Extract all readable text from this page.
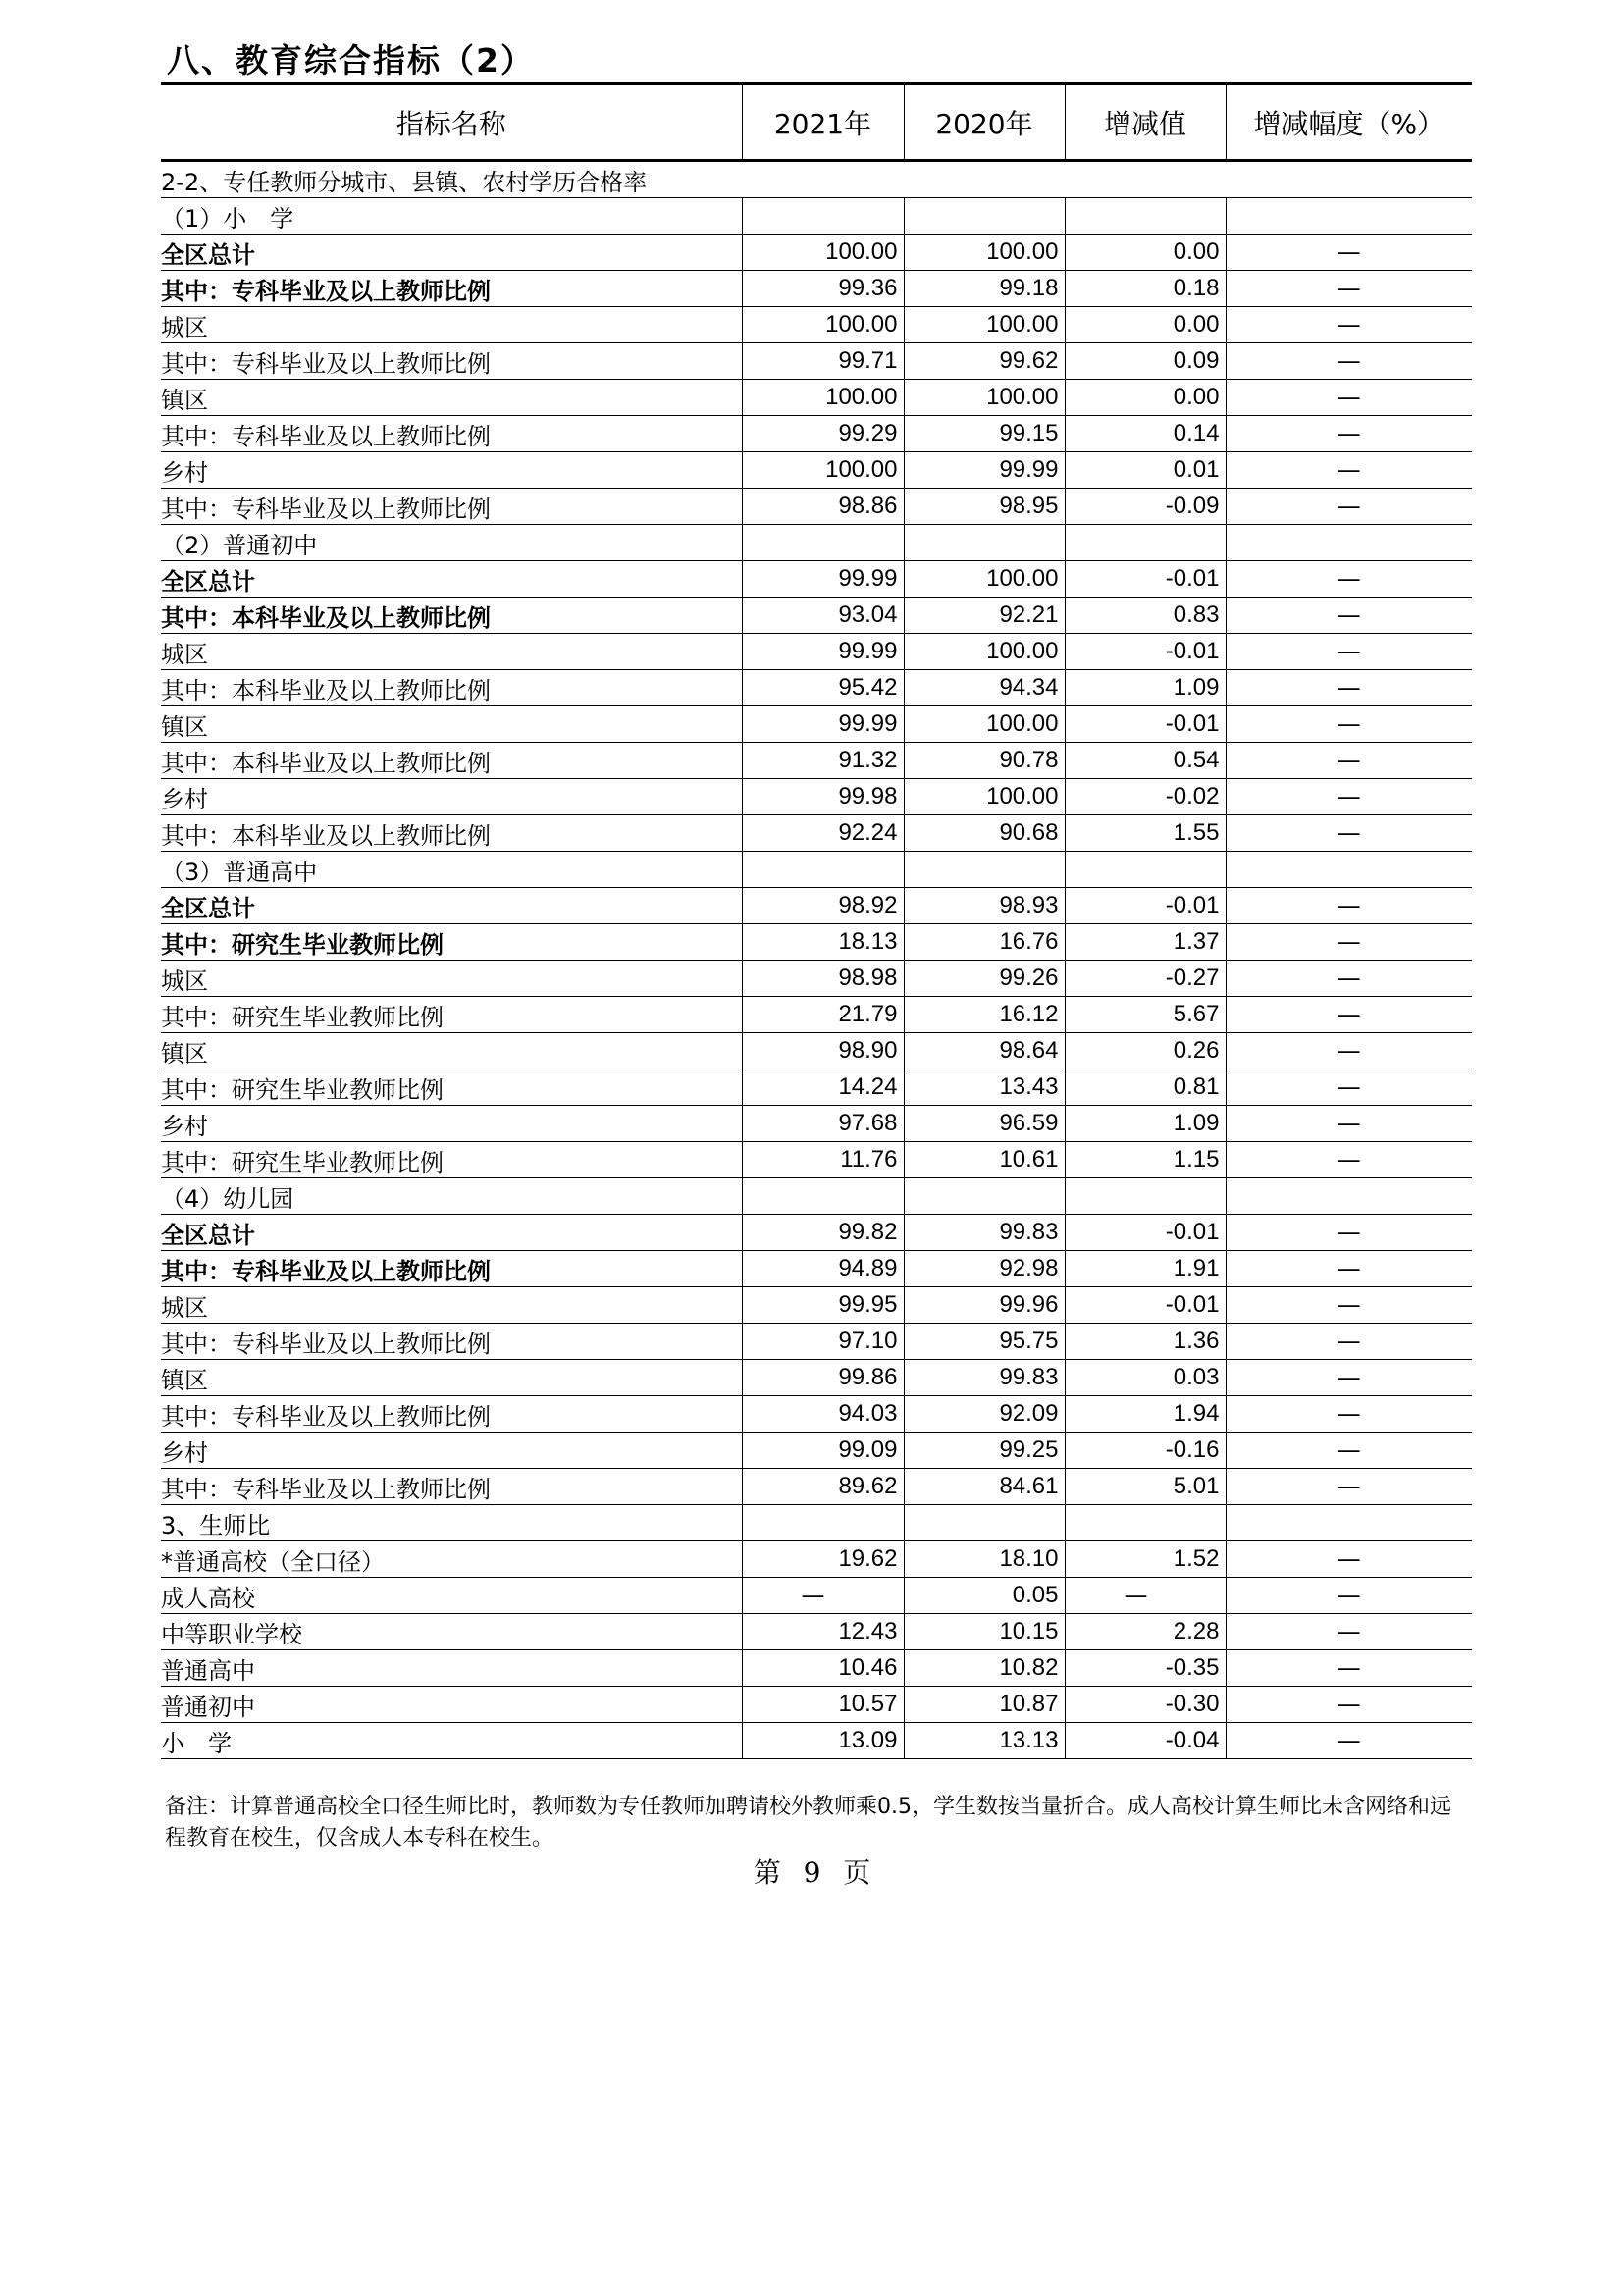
八、教育综合指标（2）
指标名称	2021年	2020年	增减值	增减幅度（%）
2-2、专任教师分城市、县镇、农村学历合格率				
（1）小　学				
全区总计	100.00	100.00	0.00	—
其中：专科毕业及以上教师比例	99.36	99.18	0.18	—
城区	100.00	100.00	0.00	—
其中：专科毕业及以上教师比例	99.71	99.62	0.09	—
镇区	100.00	100.00	0.00	—
其中：专科毕业及以上教师比例	99.29	99.15	0.14	—
乡村	100.00	99.99	0.01	—
其中：专科毕业及以上教师比例	98.86	98.95	-0.09	—
（2）普通初中				
全区总计	99.99	100.00	-0.01	—
其中：本科毕业及以上教师比例	93.04	92.21	0.83	—
城区	99.99	100.00	-0.01	—
其中：本科毕业及以上教师比例	95.42	94.34	1.09	—
镇区	99.99	100.00	-0.01	—
其中：本科毕业及以上教师比例	91.32	90.78	0.54	—
乡村	99.98	100.00	-0.02	—
其中：本科毕业及以上教师比例	92.24	90.68	1.55	—
（3）普通高中				
全区总计	98.92	98.93	-0.01	—
其中：研究生毕业教师比例	18.13	16.76	1.37	—
城区	98.98	99.26	-0.27	—
其中：研究生毕业教师比例	21.79	16.12	5.67	—
镇区	98.90	98.64	0.26	—
其中：研究生毕业教师比例	14.24	13.43	0.81	—
乡村	97.68	96.59	1.09	—
其中：研究生毕业教师比例	11.76	10.61	1.15	—
（4）幼儿园				
全区总计	99.82	99.83	-0.01	—
其中：专科毕业及以上教师比例	94.89	92.98	1.91	—
城区	99.95	99.96	-0.01	—
其中：专科毕业及以上教师比例	97.10	95.75	1.36	—
镇区	99.86	99.83	0.03	—
其中：专科毕业及以上教师比例	94.03	92.09	1.94	—
乡村	99.09	99.25	-0.16	—
其中：专科毕业及以上教师比例	89.62	84.61	5.01	—
3、生师比				
*普通高校（全口径）	19.62	18.10	1.52	—
成人高校	—	0.05	—	—
中等职业学校	12.43	10.15	2.28	—
普通高中	10.46	10.82	-0.35	—
普通初中	10.57	10.87	-0.30	—
小　学	13.09	13.13	-0.04	—
备注：计算普通高校全口径生师比时，教师数为专任教师加聘请校外教师乘0.5，学生数按当量折合。成人高校计算生师比未含网络和远程教育在校生，仅含成人本专科在校生。
第 9 页
